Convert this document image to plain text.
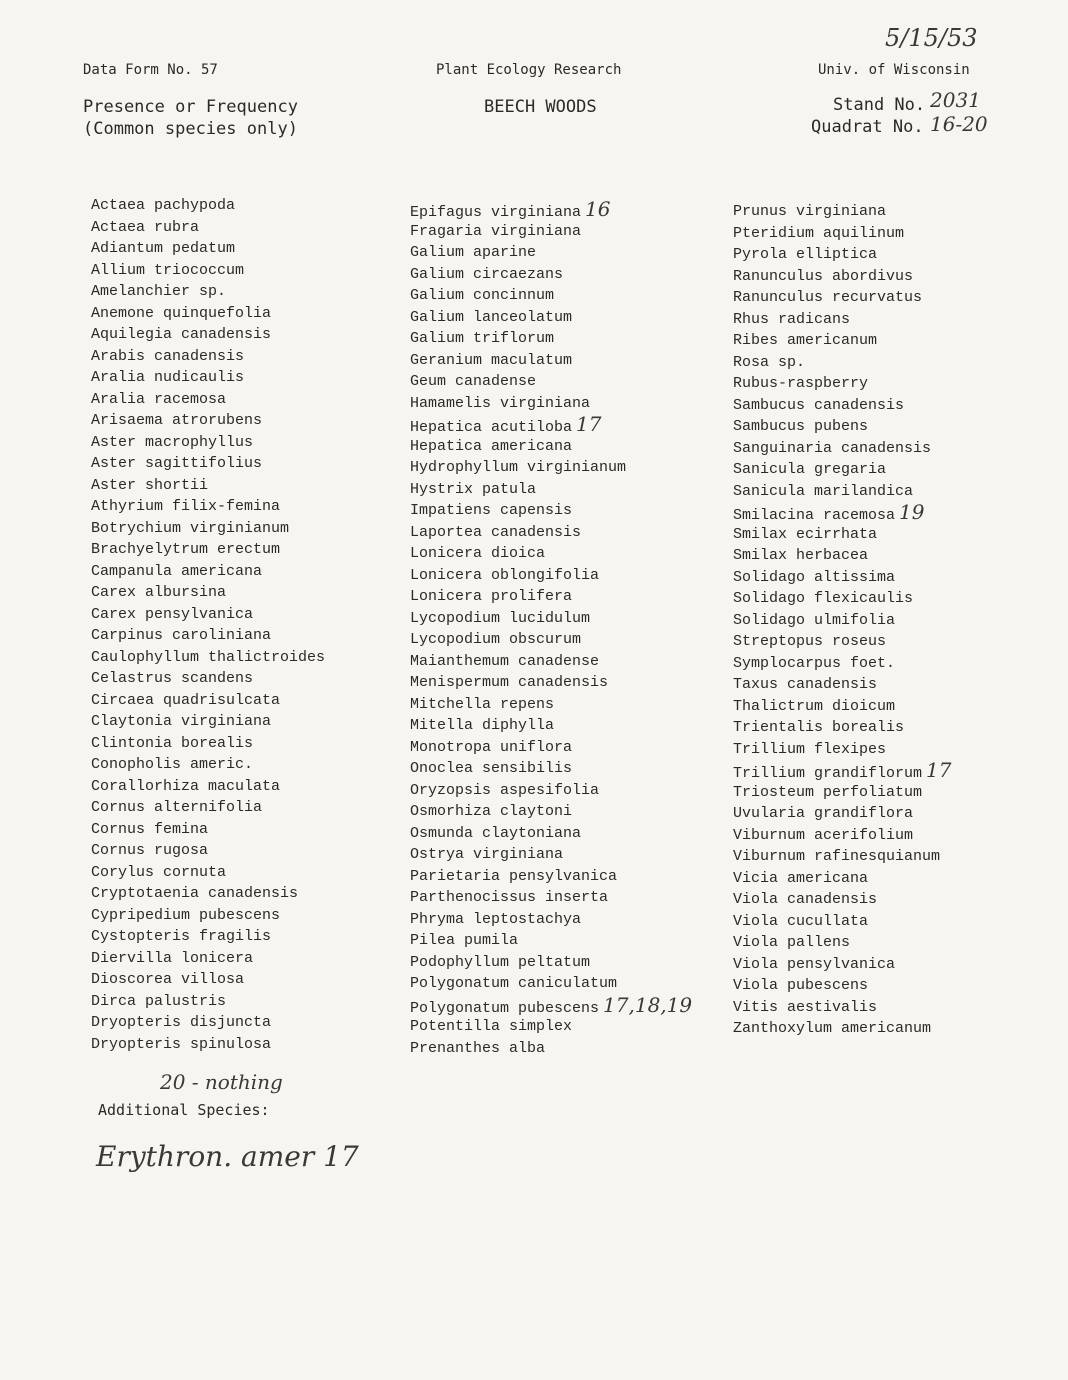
Data Form No. 57	Plant Ecology Research	Univ. of Wisconsin
5/15/53
Presence or Frequency
(Common species only)
BEECH WOODS	Stand No. 2031
Quadrat No. 16-20
Actaea pachypoda
Actaea rubra
Adiantum pedatum
Allium triococcum
Amelanchier sp.
Anemone quinquefolia
Aquilegia canadensis
Arabis canadensis
Aralia nudicaulis
Aralia racemosa
Arisaema atrorubens
Aster macrophyllus
Aster sagittifolius
Aster shortii
Athyrium filix-femina
Botrychium virginianum
Brachyelytrum erectum
Campanula americana
Carex albursina
Carex pensylvanica
Carpinus caroliniana
Caulophyllum thalictroides
Celastrus scandens
Circaea quadrisulcata
Claytonia virginiana
Clintonia borealis
Conopholis americ.
Corallorhiza maculata
Cornus alternifolia
Cornus femina
Cornus rugosa
Corylus cornuta
Cryptotaenia canadensis
Cypripedium pubescens
Cystopteris fragilis
Diervilla lonicera
Dioscorea villosa
Dirca palustris
Dryopteris disjuncta
Dryopteris spinulosa
Epifagus virginiana 16
Fragaria virginiana
Galium aparine
Galium circaezans
Galium concinnum
Galium lanceolatum
Galium triflorum
Geranium maculatum
Geum canadense
Hamamelis virginiana
Hepatica acutiloba 17
Hepatica americana
Hydrophyllum virginianum
Hystrix patula
Impatiens capensis
Laportea canadensis
Lonicera dioica
Lonicera oblongifolia
Lonicera prolifera
Lycopodium lucidulum
Lycopodium obscurum
Maianthemum canadense
Menispermum canadensis
Mitchella repens
Mitella diphylla
Monotropa uniflora
Onoclea sensibilis
Oryzopsis aspesifolia
Osmorhiza claytoni
Osmunda claytoniana
Ostrya virginiana
Parietaria pensylvanica
Parthenocissus inserta
Phryma leptostachya
Pilea pumila
Podophyllum peltatum
Polygonatum caniculatum
Polygonatum pubescens 17,18,19
Potentilla simplex
Prenanthes alba
Prunus virginiana
Pteridium aquilinum
Pyrola elliptica
Ranunculus abordivus
Ranunculus recurvatus
Rhus radicans
Ribes americanum
Rosa sp.
Rubus-raspberry
Sambucus canadensis
Sambucus pubens
Sanguinaria canadensis
Sanicula gregaria
Sanicula marilandica
Smilacina racemosa 19
Smilax ecirrhata
Smilax herbacea
Solidago altissima
Solidago flexicaulis
Solidago ulmifolia
Streptopus roseus
Symplocarpus foet.
Taxus canadensis
Thalictrum dioicum
Trientalis borealis
Trillium flexipes
Trillium grandiflorum 17
Triosteum perfoliatum
Uvularia grandiflora
Viburnum acerifolium
Viburnum rafinesquianum
Vicia americana
Viola canadensis
Viola cucullata
Viola pallens
Viola pensylvanica
Viola pubescens
Vitis aestivalis
Zanthoxylum americanum
20 - nothing
Additional Species:
Erythron. amer 17
